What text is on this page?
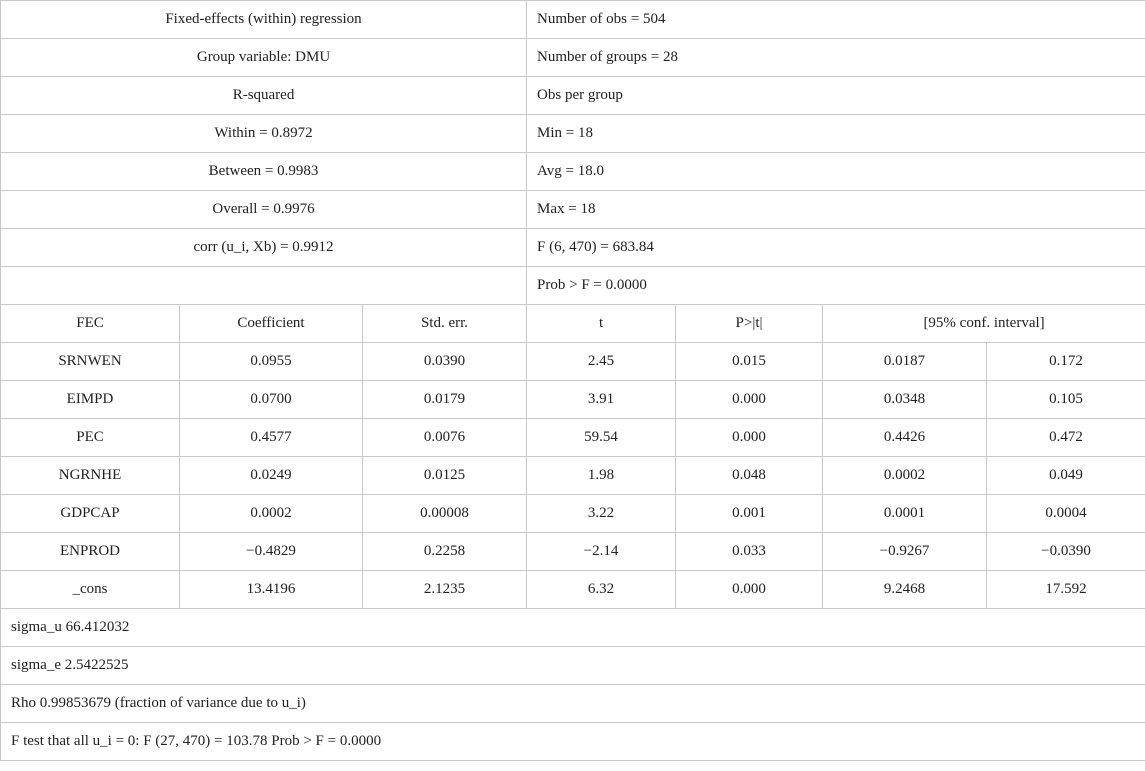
Fixed-effects (within) regression			Number of obs = 504			
Group variable: DMU			Number of groups = 28			
R-squared			Obs per group			
Within = 0.8972			Min = 18			
Between = 0.9983			Avg = 18.0			
Overall = 0.9976			Max = 18			
corr (u_i, Xb) = 0.9912			F (6, 470) = 683.84			
			Prob > F = 0.0000			
FEC	Coefficient	Std. err.	t	P>|t|	[95% conf. interval]	
SRNWEN	0.0955	0.0390	2.45	0.015	0.0187	0.172
EIMPD	0.0700	0.0179	3.91	0.000	0.0348	0.105
PEC	0.4577	0.0076	59.54	0.000	0.4426	0.472
NGRNHE	0.0249	0.0125	1.98	0.048	0.0002	0.049
GDPCAP	0.0002	0.00008	3.22	0.001	0.0001	0.0004
ENPROD	−0.4829	0.2258	−2.14	0.033	−0.9267	−0.0390
_cons	13.4196	2.1235	6.32	0.000	9.2468	17.592
sigma_u 66.412032						
sigma_e 2.5422525						
Rho 0.99853679 (fraction of variance due to u_i)						
F test that all u_i = 0: F (27, 470) = 103.78 Prob > F = 0.0000						
